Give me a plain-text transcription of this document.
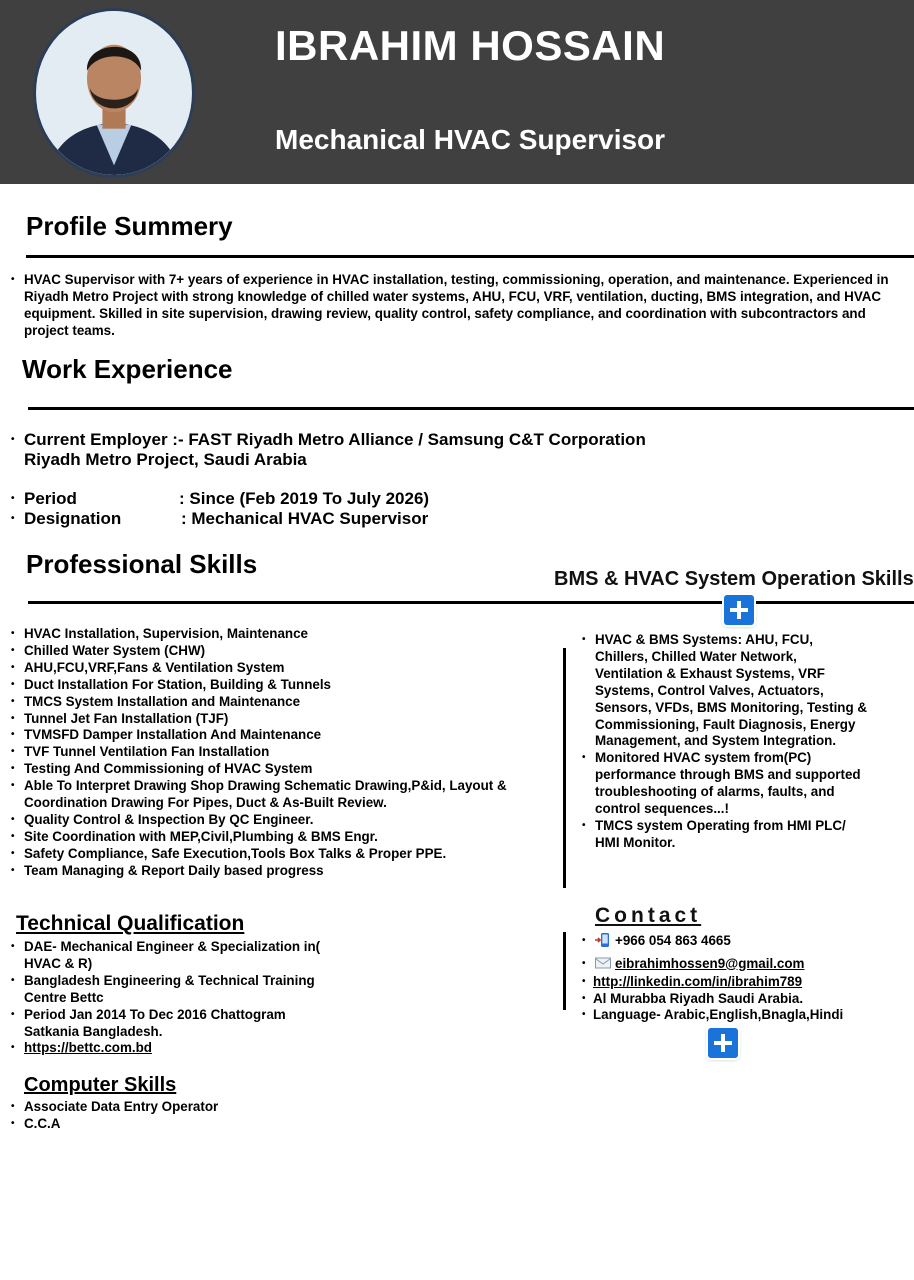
IBRAHIM HOSSAIN
Mechanical HVAC Supervisor
Profile Summery
• HVAC Supervisor with 7+ years of experience in HVAC installation, testing, commissioning, operation, and maintenance. Experienced in Riyadh Metro Project with strong knowledge of chilled water systems, AHU, FCU, VRF, ventilation, ducting, BMS integration, and HVAC equipment. Skilled in site supervision, drawing review, quality control, safety compliance, and coordination with subcontractors and project teams.
Work Experience
• Current Employer :- FAST Riyadh Metro Alliance / Samsung C&T Corporation
Riyadh Metro Project, Saudi Arabia
• Period	: Since (Feb 2019 To July 2026)
• Designation	: Mechanical HVAC Supervisor
Professional Skills	BMS & HVAC System Operation Skills
• HVAC Installation, Supervision, Maintenance
• Chilled Water System (CHW)
• AHU,FCU,VRF,Fans & Ventilation System
• Duct Installation For Station, Building & Tunnels
• TMCS System Installation and Maintenance
• Tunnel Jet Fan Installation (TJF)
• TVMSFD Damper Installation And Maintenance
• TVF Tunnel Ventilation Fan Installation
• Testing And Commissioning of HVAC System
• Able To Interpret Drawing Shop Drawing Schematic Drawing,P&id, Layout & Coordination Drawing For Pipes, Duct & As-Built Review.
• Quality Control & Inspection By QC Engineer.
• Site Coordination with MEP,Civil,Plumbing & BMS Engr.
• Safety Compliance, Safe Execution,Tools Box Talks & Proper PPE.
• Team Managing & Report Daily based progress
• HVAC & BMS Systems: AHU, FCU, Chillers, Chilled Water Network, Ventilation & Exhaust Systems, VRF Systems, Control Valves, Actuators, Sensors, VFDs, BMS Monitoring, Testing & Commissioning, Fault Diagnosis, Energy Management, and System Integration.
• Monitored HVAC system from(PC) performance through BMS and supported troubleshooting of alarms, faults, and control sequences...!
• TMCS system Operating from HMI PLC/ HMI Monitor.
Technical Qualification
• DAE- Mechanical Engineer & Specialization in( HVAC & R)
• Bangladesh Engineering & Technical Training Centre Bettc
• Period Jan 2014 To Dec 2016 Chattogram Satkania Bangladesh.
• https://bettc.com.bd
Computer Skills
• Associate Data Entry Operator
• C.C.A
Contact
• +966 054 863 4665
• eibrahimhossen9@gmail.com
• http://linkedin.com/in/ibrahim789
• Al Murabba Riyadh Saudi Arabia.
• Language- Arabic,English,Bnagla,Hindi
